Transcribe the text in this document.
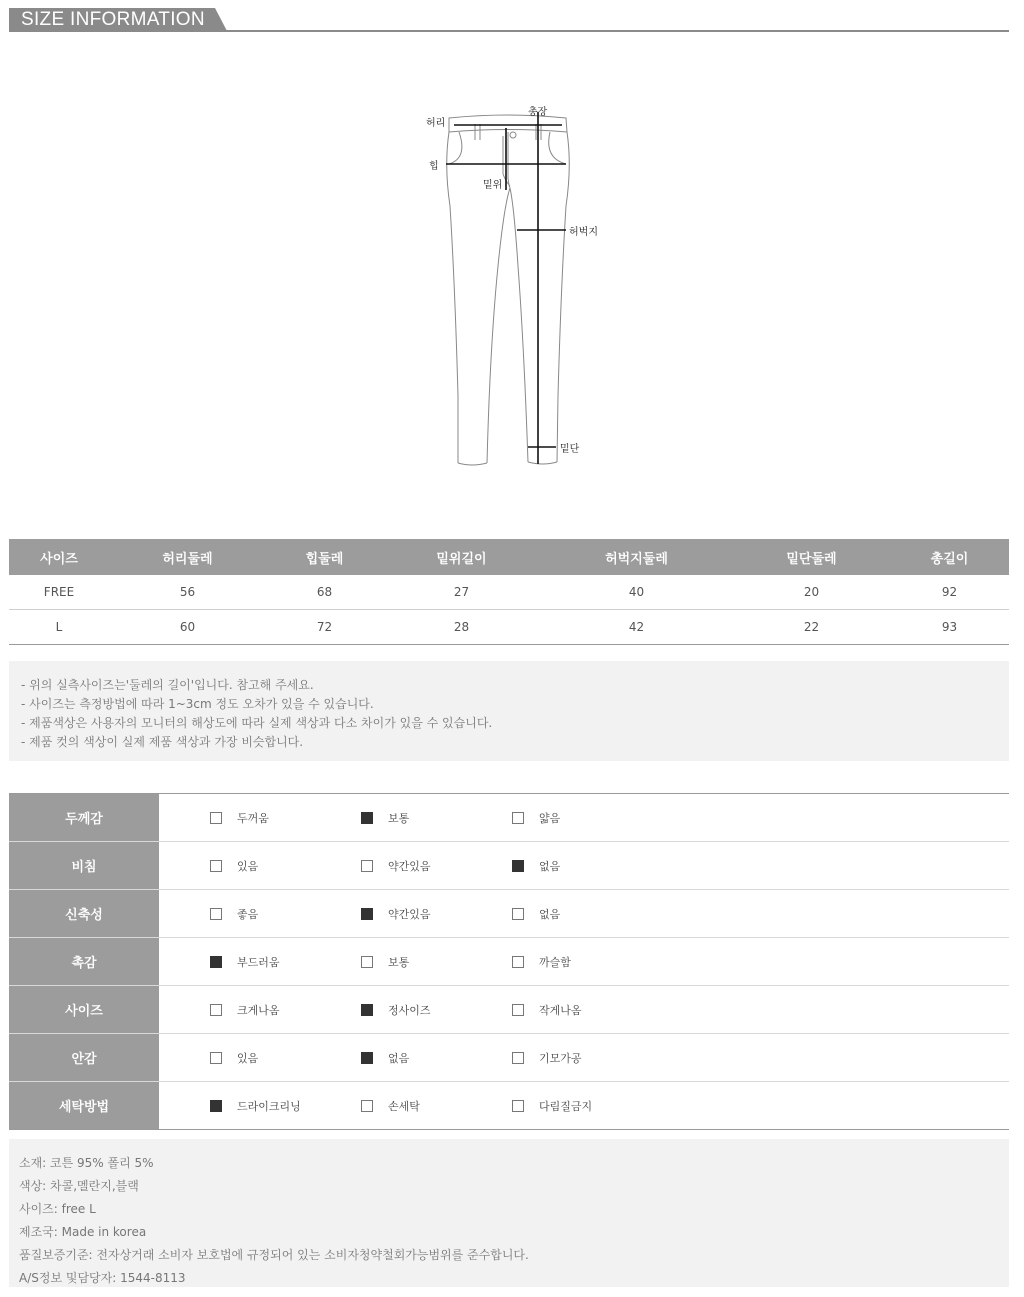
SIZE INFORMATION
허리
총장
힙
밑위
허벅지
밑단
사이즈	허리둘레	힙둘레	밑위길이	허벅지둘레	밑단둘레	총길이
FREE	56	68	27	40	20	92
L	60	72	28	42	22	93
- 위의 실측사이즈는'둘레의 길이'입니다. 참고해 주세요.
- 사이즈는 측정방법에 따라 1~3cm 정도 오차가 있을 수 있습니다.
- 제품색상은 사용자의 모니터의 해상도에 따라 실제 색상과 다소 차이가 있을 수 있습니다.
- 제품 컷의 색상이 실제 제품 색상과 가장 비슷합니다.
두께감	두꺼움	보통	얇음
비침	있음	약간있음	없음
신축성	좋음	약간있음	없음
촉감	부드러움	보통	까슬함
사이즈	크게나옴	정사이즈	작게나옴
안감	있음	없음	기모가공
세탁방법	드라이크리닝	손세탁	다림질금지
소재: 코튼 95% 폴리 5%
색상: 차콜,멜란지,블랙
사이즈: free L
제조국: Made in korea
품질보증기준: 전자상거래 소비자 보호법에 규정되어 있는 소비자청약철회가능범위를 준수합니다.
A/S정보 및담당자: 1544-8113
